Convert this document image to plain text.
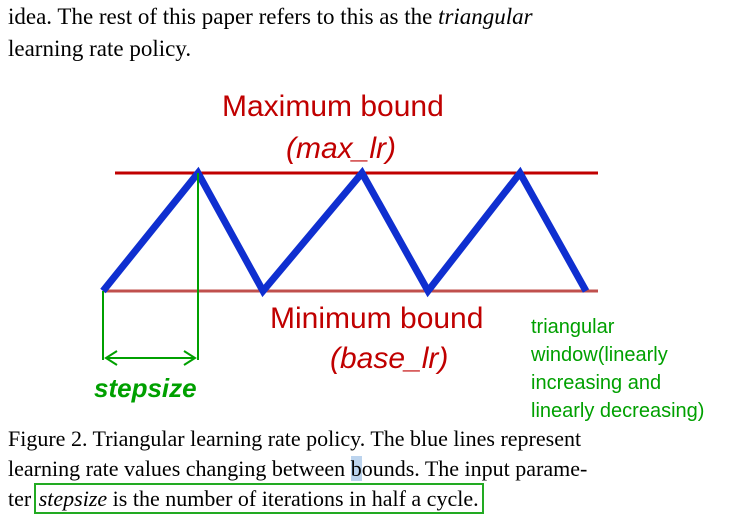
idea. The rest of this paper refers to this as the triangular
learning rate policy.
Maximum bound
(max_lr)
Minimum bound
(base_lr)
stepsize
triangular
window(linearly
increasing and
linearly decreasing)
Figure 2. Triangular learning rate policy. The blue lines represent
learning rate values changing between bounds. The input parame-
ter stepsize is the number of iterations in half a cycle.
